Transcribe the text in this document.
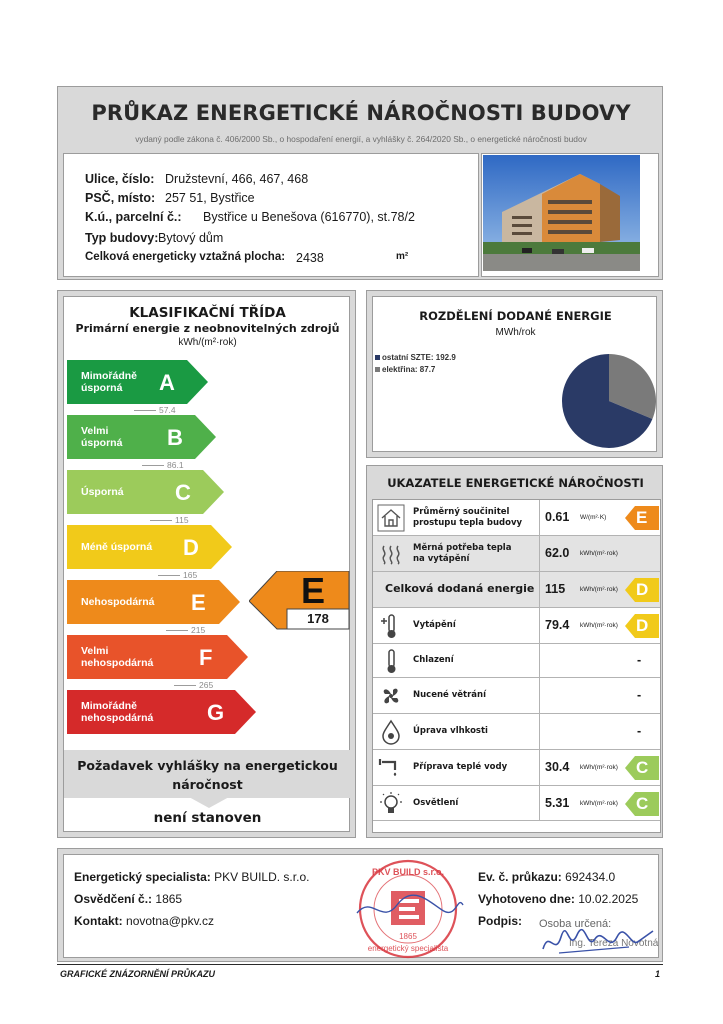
PRŮKAZ ENERGETICKÉ NÁROČNOSTI BUDOVY
vydaný podle zákona č. 406/2000 Sb., o hospodaření energií, a vyhlášky č. 264/2020 Sb., o energetické náročnosti budov
Ulice, číslo: Družstevní, 466, 467, 468
PSČ, místo: 257 51, Bystřice
K.ú., parcelní č.: Bystřice u Benešova (616770), st.78/2
Typ budovy: Bytový dům
Celková energeticky vztažná plocha: 2438	m²
KLASIFIKAČNÍ TŘÍDA
Primární energie z neobnovitelných zdrojů
kWh/(m²·rok)
Mimořádně
úsporná	A
57.4
Velmi
úsporná B
86.1
Úsporná C
115
Méně úsporná D
165
Nehospodárná E
215
Velmi
nehospodárná F
265
Mimořádně
nehospodárná G
E
178
Požadavek vyhlášky na energetickou náročnost
není stanoven
ROZDĚLENÍ DODANÉ ENERGIE
MWh/rok
ostatní SZTE: 192.9
elektřina: 87.7
UKAZATELE ENERGETICKÉ NÁROČNOSTI
Průměrný součinitel
prostupu tepla budovy 0.61 W/(m²·K) E
Měrná potřeba tepla
na vytápění	62.0 kWh/(m²·rok)
Celková dodaná energie 115 kWh/(m²·rok) D
Vytápění	79.4 kWh/(m²·rok) D
Chlazení	-
Nucené větrání	-
Úprava vlhkosti	-
Příprava teplé vody	30.4 kWh/(m²·rok) C
Osvětlení	5.31 kWh/(m²·rok) C
Energetický specialista: PKV BUILD. s.r.o.
Osvědčení č.: 1865
Kontakt: novotna@pkv.cz
PKV BUILD s.r.o.
energetický specialista
1865
Ev. č. průkazu: 692434.0
Vyhotoveno dne: 10.02.2025
Podpis: Osoba určená:
Ing. Tereza Novotná
GRAFICKÉ ZNÁZORNĚNÍ PRŮKAZU	1
